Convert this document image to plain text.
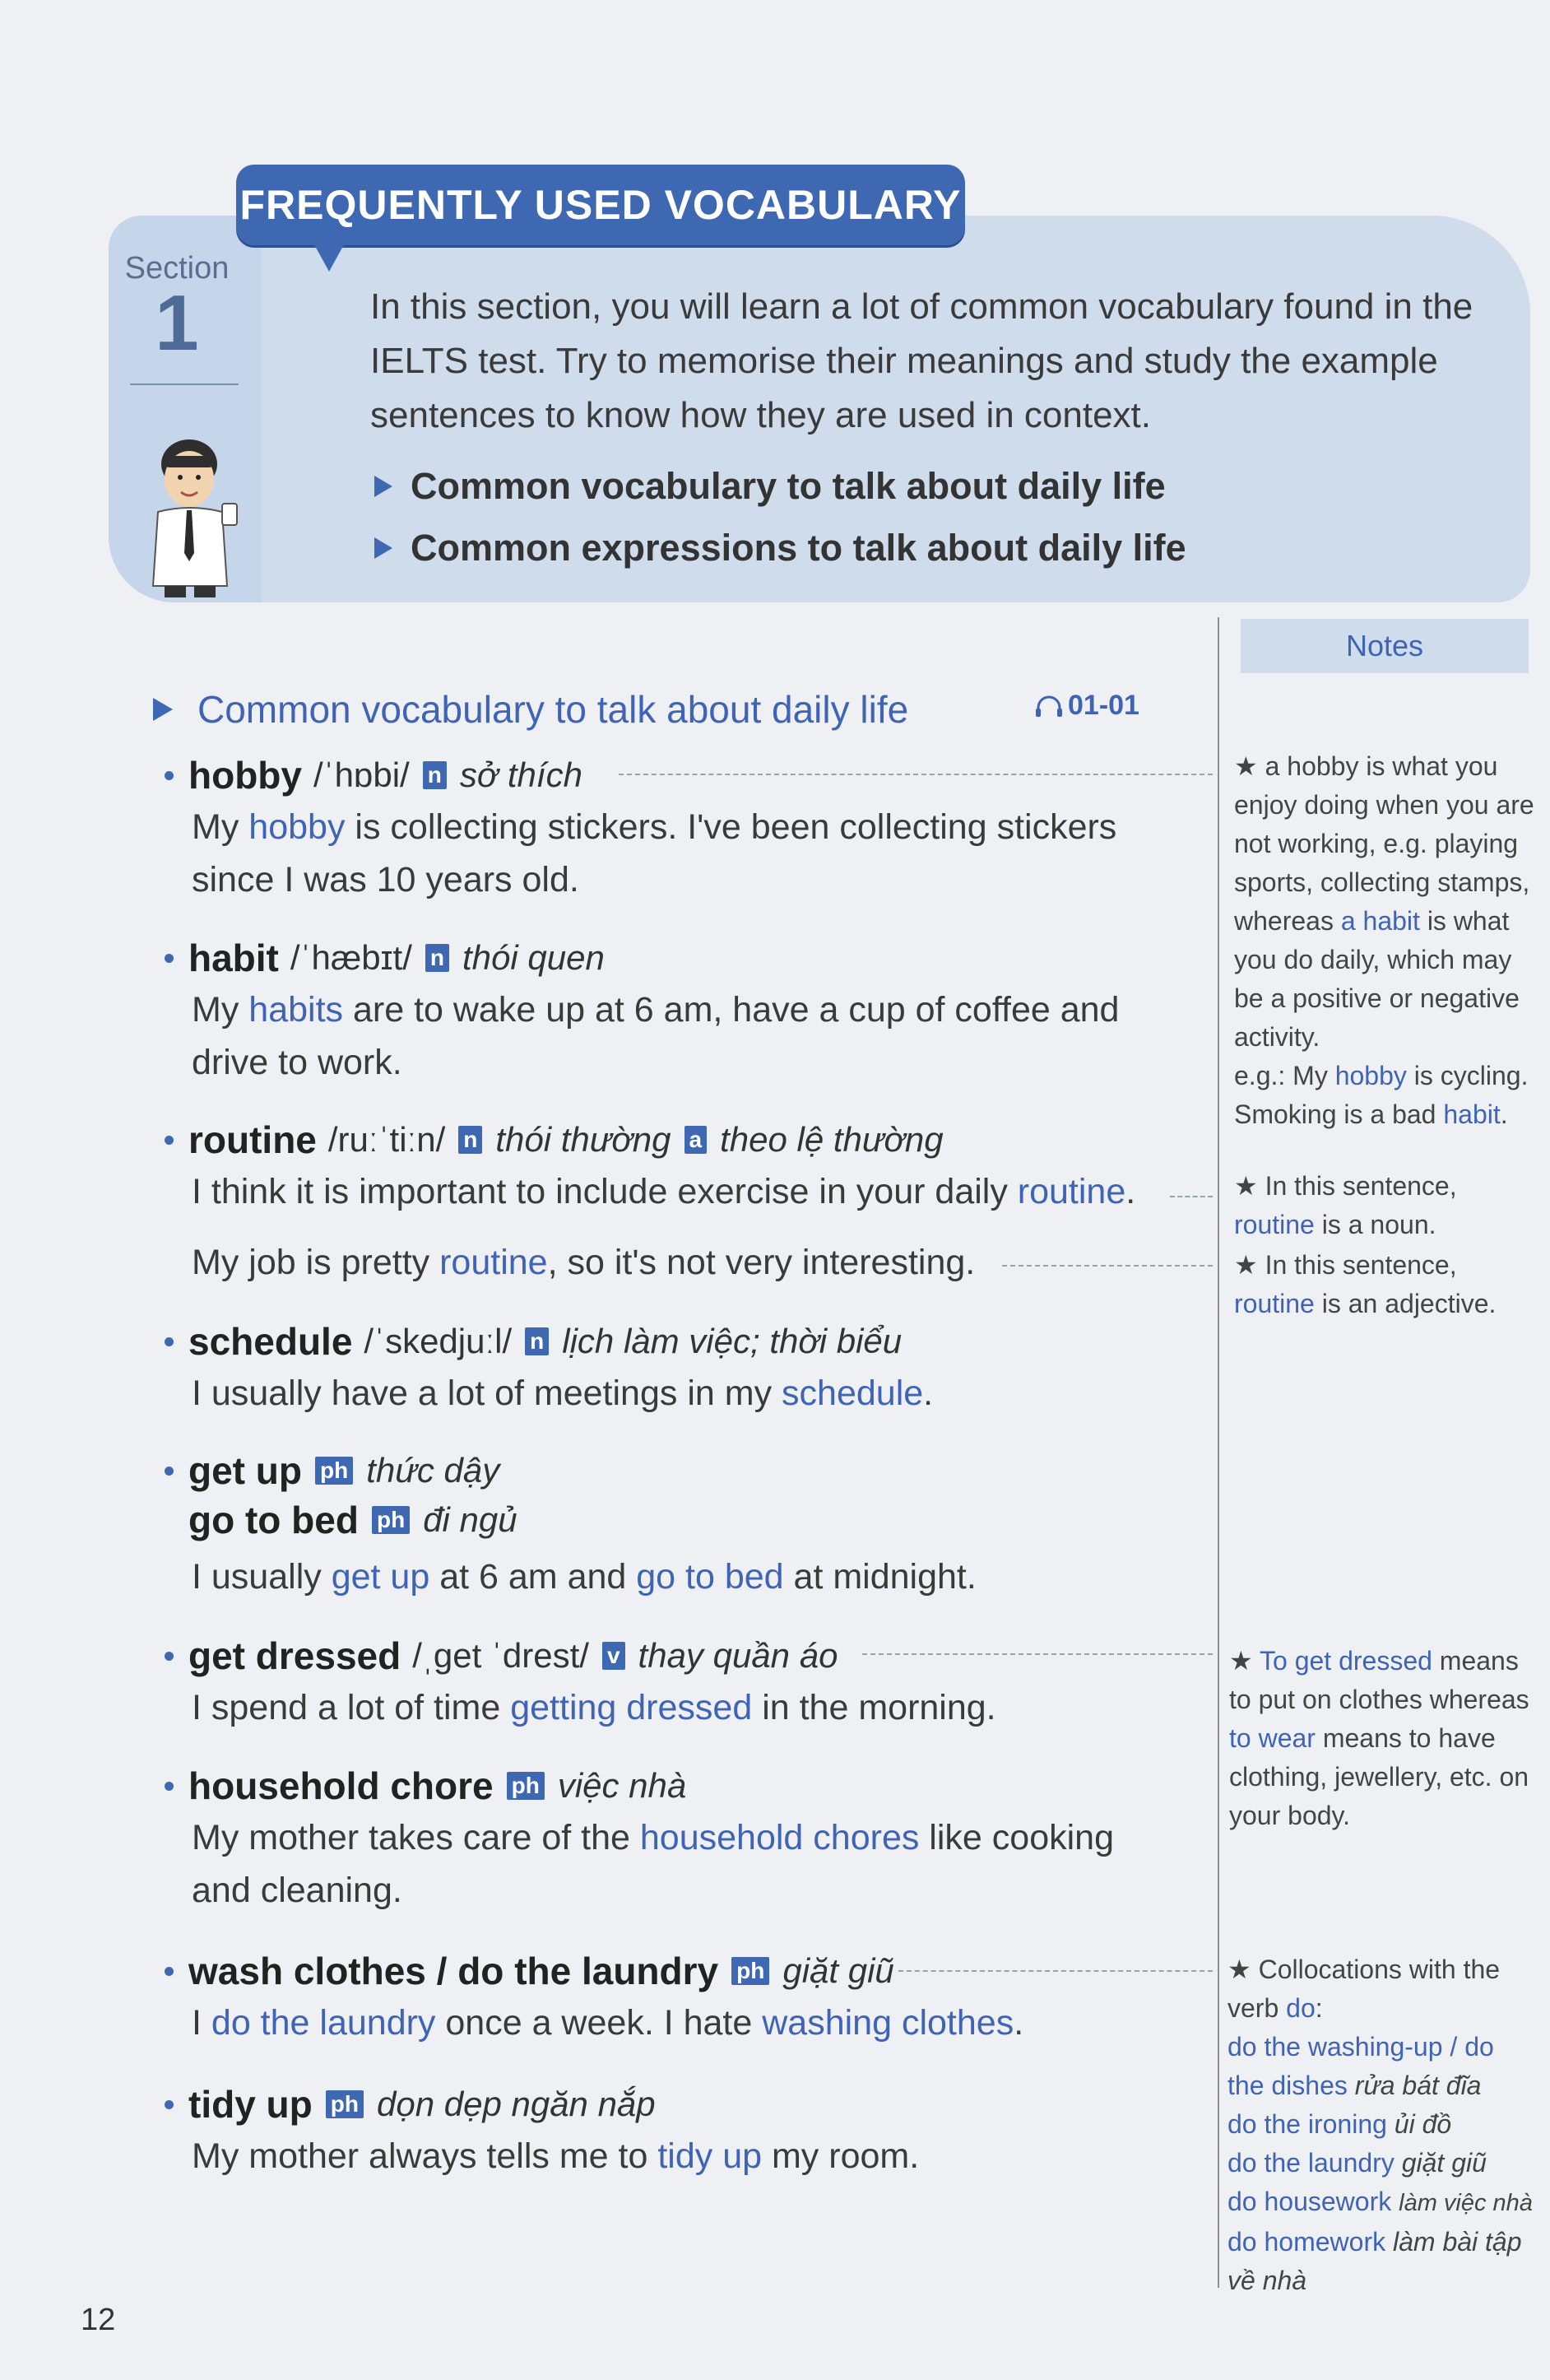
FREQUENTLY USED VOCABULARY
Section
1	In this section, you will learn a lot of common vocabulary found in the IELTS test. Try to memorise their meanings and study the example sentences to know how they are used in context.
Common vocabulary to talk about daily life
Common expressions to talk about daily life
Notes
Common vocabulary to talk about daily life	01-01
hobby /ˈhɒbi/ n sở thích
My hobby is collecting stickers. I've been collecting stickers since I was 10 years old.
habit /ˈhæbɪt/ n thói quen
My habits are to wake up at 6 am, have a cup of coffee and drive to work.
routine /ruːˈtiːn/ n thói thường a theo lệ thường
I think it is important to include exercise in your daily routine.
My job is pretty routine, so it's not very interesting.
schedule /ˈskedjuːl/ n lịch làm việc; thời biểu
I usually have a lot of meetings in my schedule.
get up ph thức dậy
go to bed ph đi ngủ
I usually get up at 6 am and go to bed at midnight.
get dressed /ˌget ˈdrest/ v thay quần áo
I spend a lot of time getting dressed in the morning.
household chore ph việc nhà
My mother takes care of the household chores like cooking and cleaning.
wash clothes / do the laundry ph giặt giũ
I do the laundry once a week. I hate washing clothes.
tidy up ph dọn dẹp ngăn nắp
My mother always tells me to tidy up my room.
★ a hobby is what you enjoy doing when you are not working, e.g. playing sports, collecting stamps, whereas a habit is what you do daily, which may be a positive or negative activity.
e.g.: My hobby is cycling. Smoking is a bad habit.
★ In this sentence, routine is a noun.
★ In this sentence, routine is an adjective.
★ To get dressed means to put on clothes whereas to wear means to have clothing, jewellery, etc. on your body.
★ Collocations with the verb do:
do the washing-up / do the dishes rửa bát đĩa
do the ironing ủi đồ
do the laundry giặt giũ
do housework làm việc nhà
do homework làm bài tập về nhà
12
